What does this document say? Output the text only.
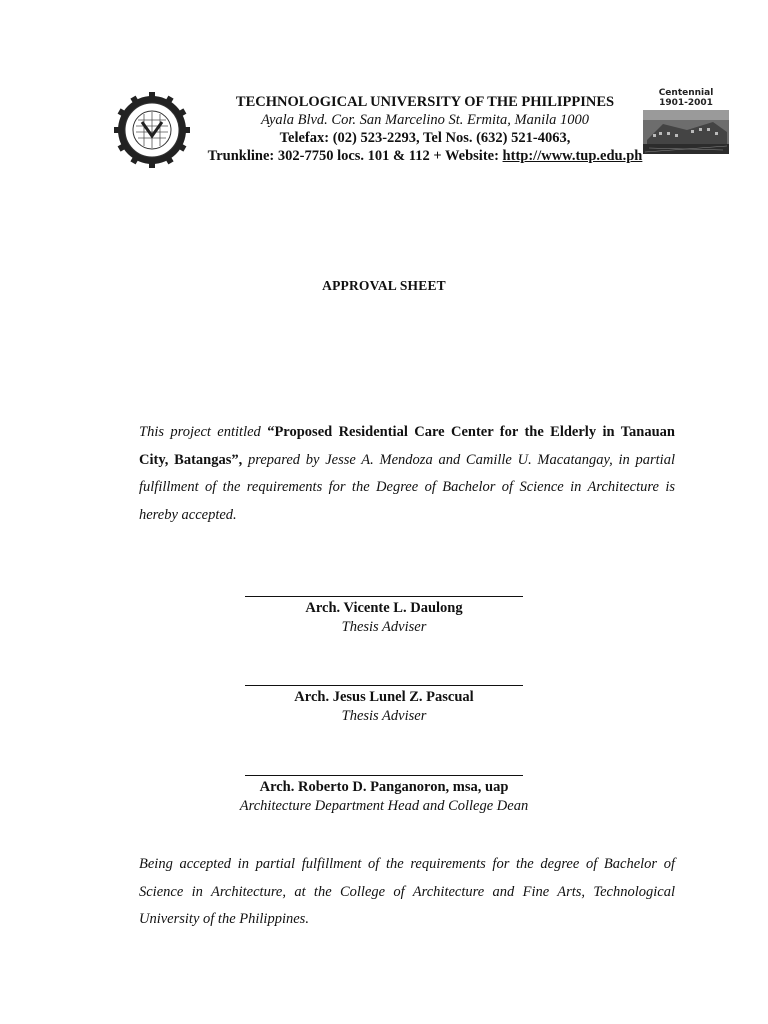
TECHNOLOGICAL UNIVERSITY OF THE PHILIPPINES
Ayala Blvd. Cor. San Marcelino St. Ermita, Manila 1000
Telefax: (02) 523-2293, Tel Nos. (632) 521-4063,
Trunkline: 302-7750 locs. 101 & 112 + Website: http://www.tup.edu.ph
Centennial
1901-2001
APPROVAL SHEET
This project entitled “Proposed Residential Care Center for the Elderly in Tanauan City, Batangas”, prepared by Jesse A. Mendoza and Camille U. Macatangay, in partial fulfillment of the requirements for the Degree of Bachelor of Science in Architecture is hereby accepted.
Arch. Vicente L. Daulong
Thesis Adviser
Arch. Jesus Lunel Z. Pascual
Thesis Adviser
Arch. Roberto D. Panganoron, msa, uap
Architecture Department Head and College Dean
Being accepted in partial fulfillment of the requirements for the degree of Bachelor of Science in Architecture, at the College of Architecture and Fine Arts, Technological University of the Philippines.
